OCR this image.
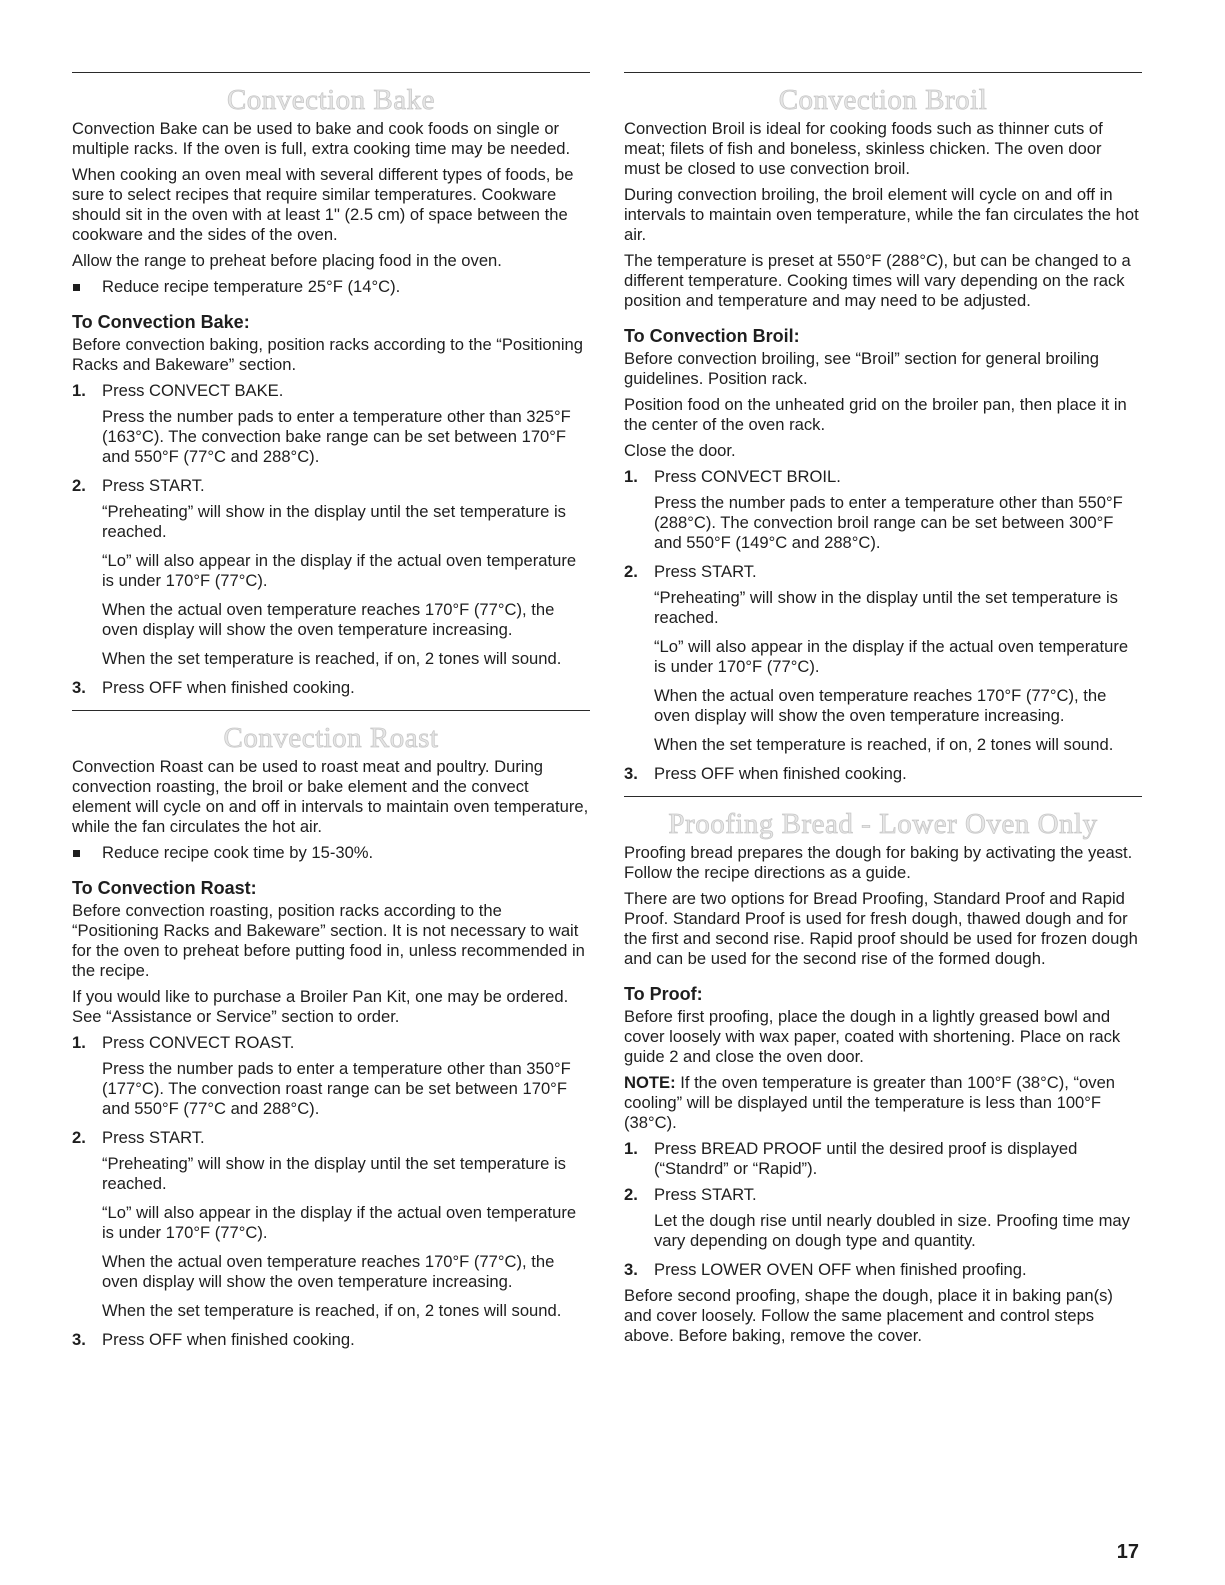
Convection Bake

Convection Bake can be used to bake and cook foods on single or multiple racks. If the oven is full, extra cooking time may be needed.

When cooking an oven meal with several different types of foods, be sure to select recipes that require similar temperatures. Cookware should sit in the oven with at least 1" (2.5 cm) of space between the cookware and the sides of the oven.

Allow the range to preheat before placing food in the oven.

Reduce recipe temperature 25°F (14°C).
To Convection Bake:

Before convection baking, position racks according to the “Positioning Racks and Bakeware” section.

1. Press CONVECT BAKE.
Press the number pads to enter a temperature other than 325°F (163°C). The convection bake range can be set between 170°F and 550°F (77°C and 288°C).
2. Press START.
“Preheating” will show in the display until the set temperature is reached.
“Lo” will also appear in the display if the actual oven temperature is under 170°F (77°C).
When the actual oven temperature reaches 170°F (77°C), the oven display will show the oven temperature increasing.
When the set temperature is reached, if on, 2 tones will sound.
3. Press OFF when finished cooking.
Convection Roast

Convection Roast can be used to roast meat and poultry. During convection roasting, the broil or bake element and the convect element will cycle on and off in intervals to maintain oven temperature, while the fan circulates the hot air.

Reduce recipe cook time by 15-30%.
To Convection Roast:

Before convection roasting, position racks according to the “Positioning Racks and Bakeware” section. It is not necessary to wait for the oven to preheat before putting food in, unless recommended in the recipe.

If you would like to purchase a Broiler Pan Kit, one may be ordered. See “Assistance or Service” section to order.

1. Press CONVECT ROAST.
Press the number pads to enter a temperature other than 350°F (177°C). The convection roast range can be set between 170°F and 550°F (77°C and 288°C).
2. Press START.
“Preheating” will show in the display until the set temperature is reached.
“Lo” will also appear in the display if the actual oven temperature is under 170°F (77°C).
When the actual oven temperature reaches 170°F (77°C), the oven display will show the oven temperature increasing.
When the set temperature is reached, if on, 2 tones will sound.
3. Press OFF when finished cooking.
Convection Broil

Convection Broil is ideal for cooking foods such as thinner cuts of meat; filets of fish and boneless, skinless chicken. The oven door must be closed to use convection broil.

During convection broiling, the broil element will cycle on and off in intervals to maintain oven temperature, while the fan circulates the hot air.

The temperature is preset at 550°F (288°C), but can be changed to a different temperature. Cooking times will vary depending on the rack position and temperature and may need to be adjusted.

To Convection Broil:

Before convection broiling, see “Broil” section for general broiling guidelines. Position rack.

Position food on the unheated grid on the broiler pan, then place it in the center of the oven rack.

Close the door.

1. Press CONVECT BROIL.
Press the number pads to enter a temperature other than 550°F (288°C). The convection broil range can be set between 300°F and 550°F (149°C and 288°C).
2. Press START.
“Preheating” will show in the display until the set temperature is reached.
“Lo” will also appear in the display if the actual oven temperature is under 170°F (77°C).
When the actual oven temperature reaches 170°F (77°C), the oven display will show the oven temperature increasing.
When the set temperature is reached, if on, 2 tones will sound.
3. Press OFF when finished cooking.
Proofing Bread - Lower Oven Only

Proofing bread prepares the dough for baking by activating the yeast. Follow the recipe directions as a guide.

There are two options for Bread Proofing, Standard Proof and Rapid Proof. Standard Proof is used for fresh dough, thawed dough and for the first and second rise. Rapid proof should be used for frozen dough and can be used for the second rise of the formed dough.

To Proof:

Before first proofing, place the dough in a lightly greased bowl and cover loosely with wax paper, coated with shortening. Place on rack guide 2 and close the oven door.

NOTE: If the oven temperature is greater than 100°F (38°C), “oven cooling” will be displayed until the temperature is less than 100°F (38°C).

1. Press BREAD PROOF until the desired proof is displayed (“Standrd” or “Rapid”).
2. Press START.
Let the dough rise until nearly doubled in size. Proofing time may vary depending on dough type and quantity.
3. Press LOWER OVEN OFF when finished proofing.

Before second proofing, shape the dough, place it in baking pan(s) and cover loosely. Follow the same placement and control steps above. Before baking, remove the cover.

17
